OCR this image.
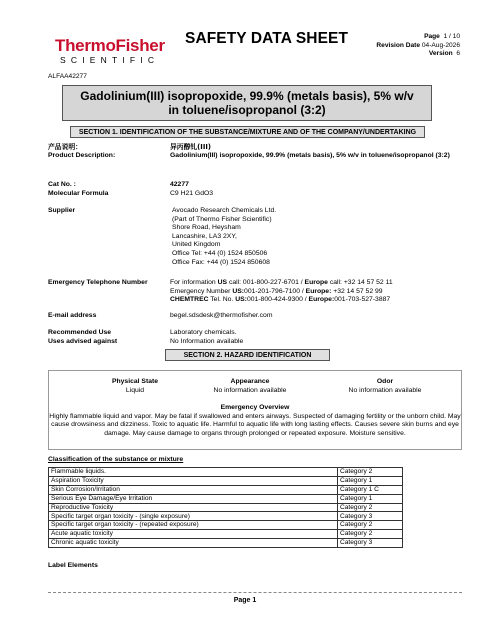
ThermoFisher
SCIENTIFIC
SAFETY DATA SHEET	Page 1 / 10
Revision Date 04-Aug-2026
Version 6
ALFAA42277
Gadolinium(III) isopropoxide, 99.9% (metals basis), 5% w/v in toluene/isopropanol (3:2)
SECTION 1. IDENTIFICATION OF THE SUBSTANCE/MIXTURE AND OF THE COMPANY/UNDERTAKING
产品说明：	异丙醇钆(III)
Product Description:	Gadolinium(III) isopropoxide, 99.9% (metals basis), 5% w/v in toluene/isopropanol (3:2)
Cat No. :	42277
Molecular Formula	C9 H21 GdO3
Supplier	Avocado Research Chemicals Ltd.
(Part of Thermo Fisher Scientific)
Shore Road, Heysham
Lancashire, LA3 2XY,
United Kingdom
Office Tel: +44 (0) 1524 850506
Office Fax: +44 (0) 1524 850608
Emergency Telephone Number	For information US call: 001-800-227-6701 / Europe call: +32 14 57 52 11
Emergency Number US:001-201-796-7100 / Europe: +32 14 57 52 99
CHEMTREC Tel. No. US:001-800-424-9300 / Europe:001-703-527-3887
E-mail address	begel.sdsdesk@thermofisher.com
Recommended Use	Laboratory chemicals.
Uses advised against	No Information available
SECTION 2. HAZARD IDENTIFICATION
Physical State
Liquid
Appearance
No information available
Odor
No information available
Emergency Overview
Highly flammable liquid and vapor. May be fatal if swallowed and enters airways. Suspected of damaging fertility or the unborn child. May cause drowsiness and dizziness. Toxic to aquatic life. Harmful to aquatic life with long lasting effects. Causes severe skin burns and eye damage. May cause damage to organs through prolonged or repeated exposure. Moisture sensitive.
Classification of the substance or mixture
Flammable liquids.	Category 2
Aspiration Toxicity	Category 1
Skin Corrosion/Irritation	Category 1 C
Serious Eye Damage/Eye Irritation	Category 1
Reproductive Toxicity	Category 2
Specific target organ toxicity - (single exposure)	Category 3
Specific target organ toxicity - (repeated exposure)	Category 2
Acute aquatic toxicity	Category 2
Chronic aquatic toxicity	Category 3
Label Elements
Page 1
